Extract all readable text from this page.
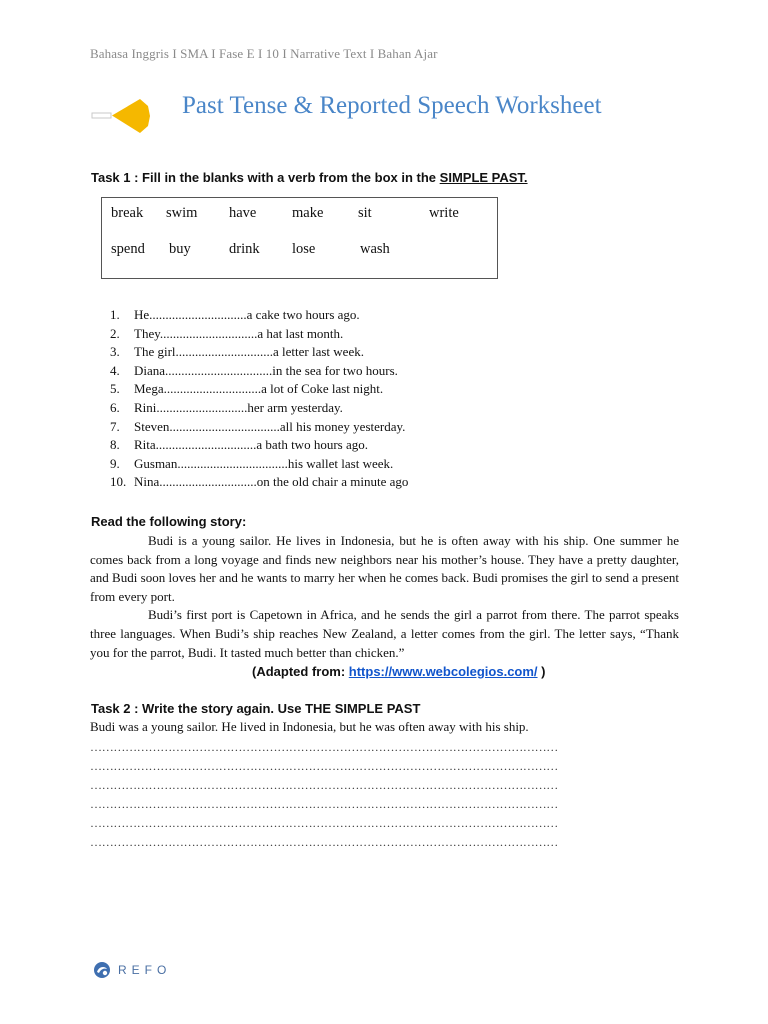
Bahasa Inggris I SMA I Fase E I 10 I Narrative Text I Bahan Ajar
Past Tense & Reported Speech Worksheet
Task 1 : Fill in the blanks with a verb from the box in the SIMPLE PAST.
break swim have make sit	write
spend buy	drink lose	wash
1.	He..............................a cake two hours ago.
2.	They..............................a hat last month.
3.	The girl..............................a letter last week.
4.	Diana.................................in the sea for two hours.
5.	Mega..............................a lot of Coke last night.
6.	Rini............................her arm yesterday.
7.	Steven..................................all his money yesterday.
8.	Rita...............................a bath two hours ago.
9.	Gusman..................................his wallet last week.
10. Nina..............................on the old chair a minute ago
Read the following story:

Budi is a young sailor. He lives in Indonesia, but he is often away with his ship. One summer he comes back from a long voyage and finds new neighbors near his mother’s house. They have a pretty daughter, and Budi soon loves her and he wants to marry her when he comes back. Budi promises the girl to send a present from every port.

Budi’s first port is Capetown in Africa, and he sends the girl a parrot from there. The parrot speaks three languages. When Budi’s ship reaches New Zealand, a letter comes from the girl. The letter says, “Thank you for the parrot, Budi. It tasted much better than chicken.”

(Adapted from: https://www.webcolegios.com/ )
Task 2 : Write the story again. Use THE SIMPLE PAST
Budi was a young sailor. He lived in Indonesia, but he was often away with his ship.
…………………………………………………………………………………………………………
…………………………………………………………………………………………………………
…………………………………………………………………………………………………………
…………………………………………………………………………………………………………
…………………………………………………………………………………………………………
…………………………………………………………………………………………………………
REFO
